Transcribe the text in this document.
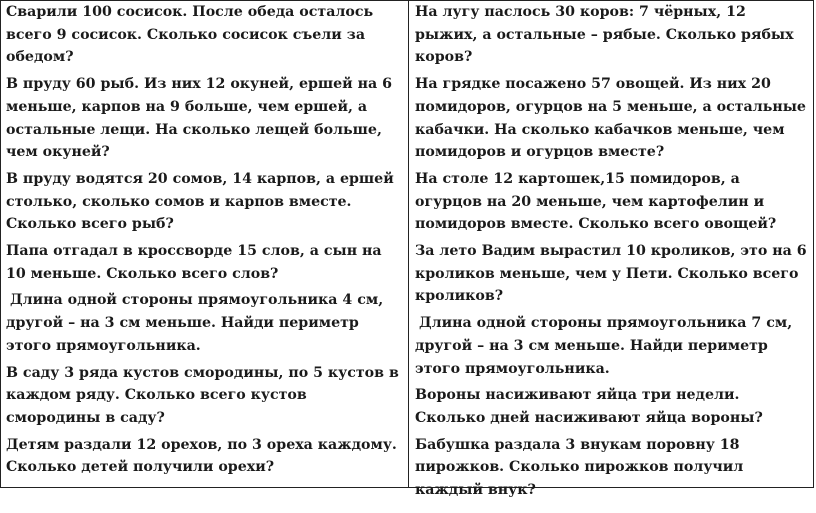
Сварили 100 сосисок. После обеда осталось всего 9 сосисок. Сколько сосисок съели за обедом?

В пруду 60 рыб. Из них 12 окуней, ершей на 6 меньше, карпов на 9 больше, чем ершей, а остальные лещи. На сколько лещей больше, чем окуней?

В пруду водятся 20 сомов, 14 карпов, а ершей столько, сколько сомов и карпов вместе. Сколько всего рыб?

Папа отгадал в кроссворде 15 слов, а сын на 10 меньше. Сколько всего слов?

Длина одной стороны прямоугольника 4 см, другой – на 3 см меньше. Найди периметр этого прямоугольника.

В саду 3 ряда кустов смородины, по 5 кустов в каждом ряду. Сколько всего кустов смородины в саду?

Детям раздали 12 орехов, по 3 ореха каждому. Сколько детей получили орехи?

На лугу паслось 30 коров: 7 чёрных, 12 рыжих, а остальные – рябые. Сколько рябых коров?

На грядке посажено 57 овощей. Из них 20 помидоров, огурцов на 5 меньше, а остальные кабачки. На сколько кабачков меньше, чем помидоров и огурцов вместе?

На столе 12 картошек,15 помидоров, а огурцов на 20 меньше, чем картофелин и помидоров вместе. Сколько всего овощей?

За лето Вадим вырастил 10 кроликов, это на 6 кроликов меньше, чем у Пети. Сколько всего кроликов?

Длина одной стороны прямоугольника 7 см, другой – на 3 см меньше. Найди периметр этого прямоугольника.

Вороны насиживают яйца три недели. Сколько дней насиживают яйца вороны?

Бабушка раздала 3 внукам поровну 18 пирожков. Сколько пирожков получил каждый внук?
